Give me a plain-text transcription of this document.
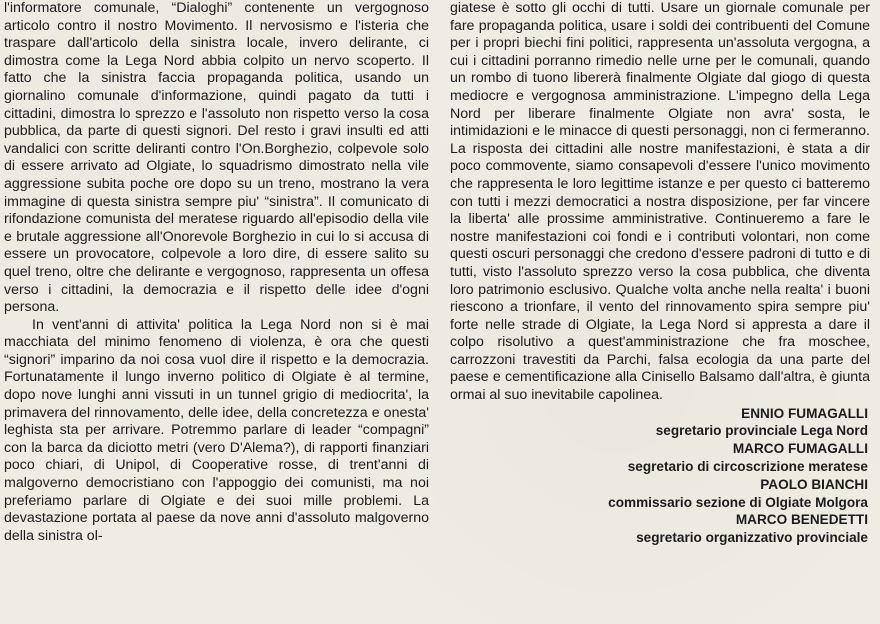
l'informatore comunale, “Dialoghi” contenente un vergognoso articolo contro il nostro Movimento. Il nervosismo e l'isteria che traspare dall'articolo della sinistra locale, invero delirante, ci dimostra come la Lega Nord abbia colpito un nervo scoperto. Il fatto che la sinistra faccia propaganda politica, usando un giornalino comunale d'informazione, quindi pagato da tutti i cittadini, dimostra lo sprezzo e l'assoluto non rispetto verso la cosa pubblica, da parte di questi signori. Del resto i gravi insulti ed atti vandalici con scritte deliranti contro l'On.Borghezio, colpevole solo di essere arrivato ad Olgiate, lo squadrismo dimostrato nella vile aggressione subita poche ore dopo su un treno, mostrano la vera immagine di questa sinistra sempre piu' “sinistra”. Il comunicato di rifondazione comunista del meratese riguardo all'episodio della vile e brutale aggressione all'Onorevole Borghezio in cui lo si accusa di essere un provocatore, colpevole a loro dire, di essere salito su quel treno, oltre che delirante e vergognoso, rappresenta un offesa verso i cittadini, la democrazia e il rispetto delle idee d'ogni persona.

In vent'anni di attivita' politica la Lega Nord non si è mai macchiata del minimo fenomeno di violenza, è ora che questi “signori” imparino da noi cosa vuol dire il rispetto e la democrazia. Fortunatamente il lungo inverno politico di Olgiate è al termine, dopo nove lunghi anni vissuti in un tunnel grigio di mediocrita', la primavera del rinnovamento, delle idee, della concretezza e onesta' leghista sta per arrivare. Potremmo parlare di leader “compagni” con la barca da diciotto metri (vero D'Alema?), di rapporti finanziari poco chiari, di Unipol, di Cooperative rosse, di trent'anni di malgoverno democristiano con l'appoggio dei comunisti, ma noi preferiamo parlare di Olgiate e dei suoi mille problemi. La devastazione portata al paese da nove anni d'assoluto malgoverno della sinistra ol-

giatese è sotto gli occhi di tutti. Usare un giornale comunale per fare propaganda politica, usare i soldi dei contribuenti del Comune per i propri biechi fini politici, rappresenta un'assoluta vergogna, a cui i cittadini porranno rimedio nelle urne per le comunali, quando un rombo di tuono libererà finalmente Olgiate dal giogo di questa mediocre e vergognosa amministrazione. L'impegno della Lega Nord per liberare finalmente Olgiate non avra' sosta, le intimidazioni e le minacce di questi personaggi, non ci fermeranno. La risposta dei cittadini alle nostre manifestazioni, è stata a dir poco commovente, siamo consapevoli d'essere l'unico movimento che rappresenta le loro legittime istanze e per questo ci batteremo con tutti i mezzi democratici a nostra disposizione, per far vincere la liberta' alle prossime amministrative. Continueremo a fare le nostre manifestazioni coi fondi e i contributi volontari, non come questi oscuri personaggi che credono d'essere padroni di tutto e di tutti, visto l'assoluto sprezzo verso la cosa pubblica, che diventa loro patrimonio esclusivo. Qualche volta anche nella realta' i buoni riescono a trionfare, il vento del rinnovamento spira sempre piu' forte nelle strade di Olgiate, la Lega Nord si appresta a dare il colpo risolutivo a quest'amministrazione che fra moschee, carrozzoni travestiti da Parchi, falsa ecologia da una parte del paese e cementificazione alla Cinisello Balsamo dall'altra, è giunta ormai al suo inevitabile capolinea.

ENNIO FUMAGALLI
segretario provinciale Lega Nord
MARCO FUMAGALLI
segretario di circoscrizione meratese
PAOLO BIANCHI
commissario sezione di Olgiate Molgora
MARCO BENEDETTI
segretario organizzativo provinciale
